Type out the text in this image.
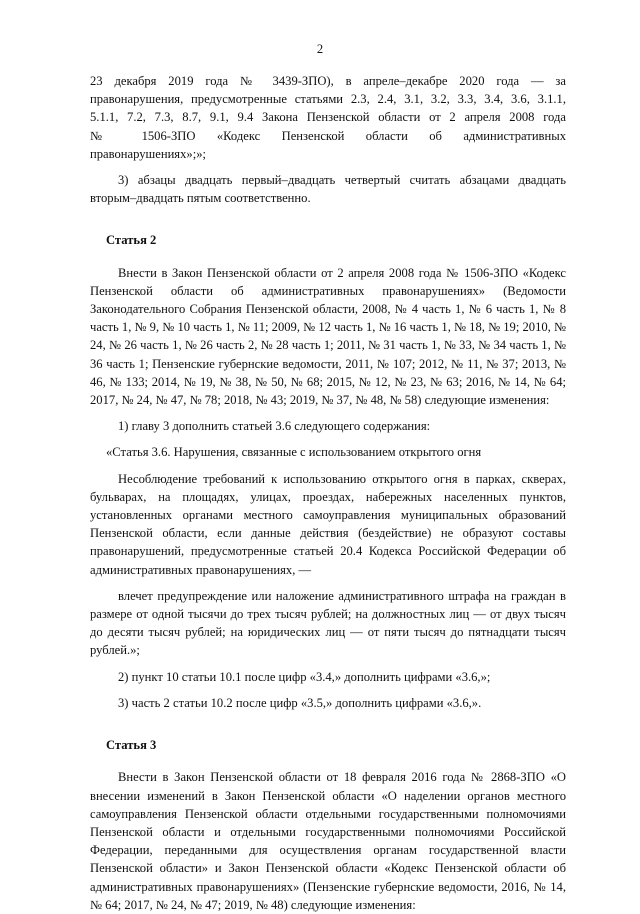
2

23 декабря 2019 года № 3439-ЗПО), в апреле–декабре 2020 года — за

правонарушения, предусмотренные статьями 2.3, 2.4, 3.1, 3.2, 3.3, 3.4, 3.6, 3.1.1,

5.1.1, 7.2, 7.3, 8.7, 9.1, 9.4 Закона Пензенской области от 2 апреля 2008 года

№ 1506-ЗПО «Кодекс Пензенской области об административных

правонарушениях»;»;

3) абзацы двадцать первый–двадцать четвертый считать абзацами двадцать вторым–двадцать пятым соответственно.

Статья 2

Внести в Закон Пензенской области от 2 апреля 2008 года № 1506-ЗПО «Кодекс Пензенской области об административных правонарушениях» (Ведомости Законодательного Собрания Пензенской области, 2008, № 4 часть 1, № 6 часть 1, № 8 часть 1, № 9, № 10 часть 1, № 11; 2009, № 12 часть 1, № 16 часть 1, № 18, № 19; 2010, № 24, № 26 часть 1, № 26 часть 2, № 28 часть 1; 2011, № 31 часть 1, № 33, № 34 часть 1, № 36 часть 1; Пензенские губернские ведомости, 2011, № 107; 2012, № 11, № 37; 2013, № 46, № 133; 2014, № 19, № 38, № 50, № 68; 2015, № 12, № 23, № 63; 2016, № 14, № 64; 2017, № 24, № 47, № 78; 2018, № 43; 2019, № 37, № 48, № 58) следующие изменения:

1) главу 3 дополнить статьей 3.6 следующего содержания:

«Статья 3.6. Нарушения, связанные с использованием открытого огня

Несоблюдение требований к использованию открытого огня в парках, скверах, бульварах, на площадях, улицах, проездах, набережных населенных пунктов, установленных органами местного самоуправления муниципальных образований Пензенской области, если данные действия (бездействие) не образуют составы правонарушений, предусмотренные статьей 20.4 Кодекса Российской Федерации об административных правонарушениях, —

влечет предупреждение или наложение административного штрафа на граждан в размере от одной тысячи до трех тысяч рублей; на должностных лиц — от двух тысяч до десяти тысяч рублей; на юридических лиц — от пяти тысяч до пятнадцати тысяч рублей.»;

2) пункт 10 статьи 10.1 после цифр «3.4,» дополнить цифрами «3.6,»;

3) часть 2 статьи 10.2 после цифр «3.5,» дополнить цифрами «3.6,».

Статья 3

Внести в Закон Пензенской области от 18 февраля 2016 года № 2868-ЗПО «О внесении изменений в Закон Пензенской области «О наделении органов местного самоуправления Пензенской области отдельными государственными полномочиями Пензенской области и отдельными государственными полномочиями Российской Федерации, переданными для осуществления органам государственной власти Пензенской области» и Закон Пензенской области «Кодекс Пензенской области об административных правонарушениях» (Пензенские губернские ведомости, 2016, № 14, № 64; 2017, № 24, № 47; 2019, № 48) следующие изменения:
